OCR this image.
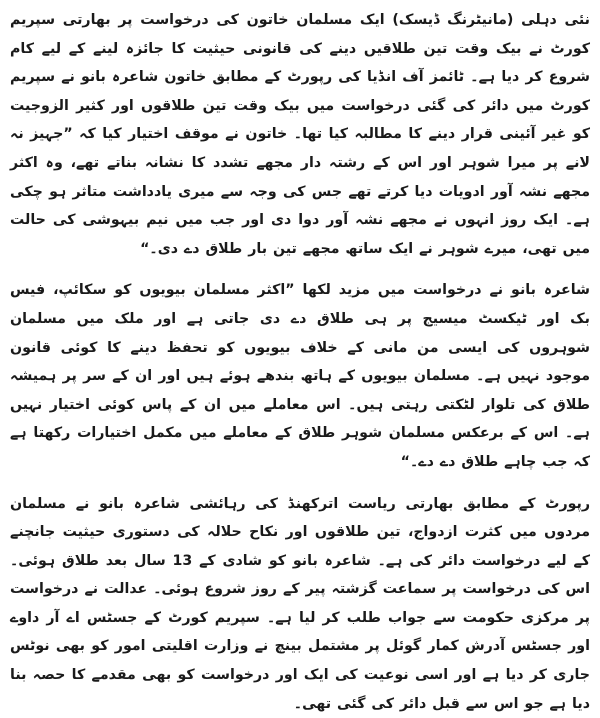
نئی دہلی (مانیٹرنگ ڈیسک) ایک مسلمان خاتون کی درخواست پر بھارتی سپریم کورٹ نے بیک وقت تین طلاقیں دینے کی قانونی حیثیت کا جائزہ لینے کے لیے کام شروع کر دیا ہے۔ ٹائمز آف انڈیا کی رپورٹ کے مطابق خاتون شاعرہ بانو نے سپریم کورٹ میں دائر کی گئی درخواست میں بیک وقت تین طلاقوں اور کثیر الزوجیت کو غیر آئینی قرار دینے کا مطالبہ کیا تھا۔ خاتون نے موقف اختیار کیا کہ ”جہیز نہ لانے پر میرا شوہر اور اس کے رشتہ دار مجھے تشدد کا نشانہ بناتے تھے، وہ اکثر مجھے نشہ آور ادویات دیا کرتے تھے جس کی وجہ سے میری یادداشت متاثر ہو چکی ہے۔ ایک روز انہوں نے مجھے نشہ آور دوا دی اور جب میں نیم بیہوشی کی حالت میں تھی، میرے شوہر نے ایک ساتھ مجھے تین بار طلاق دے دی۔“

شاعرہ بانو نے درخواست میں مزید لکھا ”اکثر مسلمان بیویوں کو سکائپ، فیس بک اور ٹیکسٹ میسیج پر ہی طلاق دے دی جاتی ہے اور ملک میں مسلمان شوہروں کی ایسی من مانی کے خلاف بیویوں کو تحفظ دینے کا کوئی قانون موجود نہیں ہے۔ مسلمان بیویوں کے ہاتھ بندھے ہوئے ہیں اور ان کے سر پر ہمیشہ طلاق کی تلوار لٹکتی رہتی ہیں۔ اس معاملے میں ان کے پاس کوئی اختیار نہیں ہے۔ اس کے برعکس مسلمان شوہر طلاق کے معاملے میں مکمل اختیارات رکھتا ہے کہ جب چاہے طلاق دے دے۔“

رپورٹ کے مطابق بھارتی ریاست اترکھنڈ کی رہائشی شاعرہ بانو نے مسلمان مردوں میں کثرت ازدواج، تین طلاقوں اور نکاح حلالہ کی دستوری حیثیت جانچنے کے لیے درخواست دائر کی ہے۔ شاعرہ بانو کو شادی کے 13 سال بعد طلاق ہوئی۔ اس کی درخواست پر سماعت گزشتہ پیر کے روز شروع ہوئی۔ عدالت نے درخواست پر مرکزی حکومت سے جواب طلب کر لیا ہے۔ سپریم کورٹ کے جسٹس اے آر داوے اور جسٹس آدرش کمار گوئل پر مشتمل بینچ نے وزارت اقلیتی امور کو بھی نوٹس جاری کر دیا ہے اور اسی نوعیت کی ایک اور درخواست کو بھی مقدمے کا حصہ بنا دیا ہے جو اس سے قبل دائر کی گئی تھی۔
